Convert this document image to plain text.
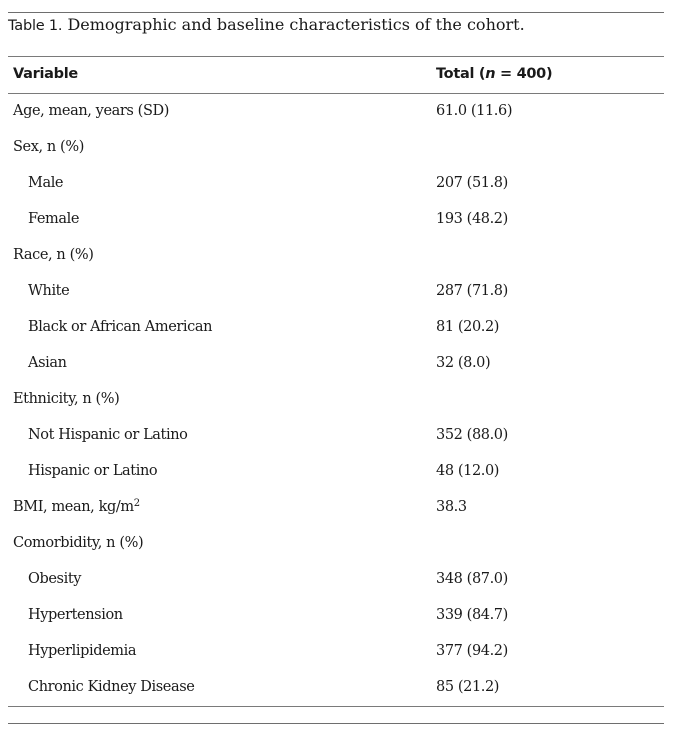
Table 1. Demographic and baseline characteristics of the cohort.
Variable	Total (n = 400)
Age, mean, years (SD)	61.0 (11.6)
Sex, n (%)
Male	207 (51.8)
Female	193 (48.2)
Race, n (%)
White	287 (71.8)
Black or African American	81 (20.2)
Asian	32 (8.0)
Ethnicity, n (%)
Not Hispanic or Latino	352 (88.0)
Hispanic or Latino	48 (12.0)
BMI, mean, $kg/m^2$	38.3
Comorbidity, n (%)
Obesity	348 (87.0)
Hypertension	339 (84.7)
Hyperlipidemia	377 (94.2)
Chronic Kidney Disease	85 (21.2)
